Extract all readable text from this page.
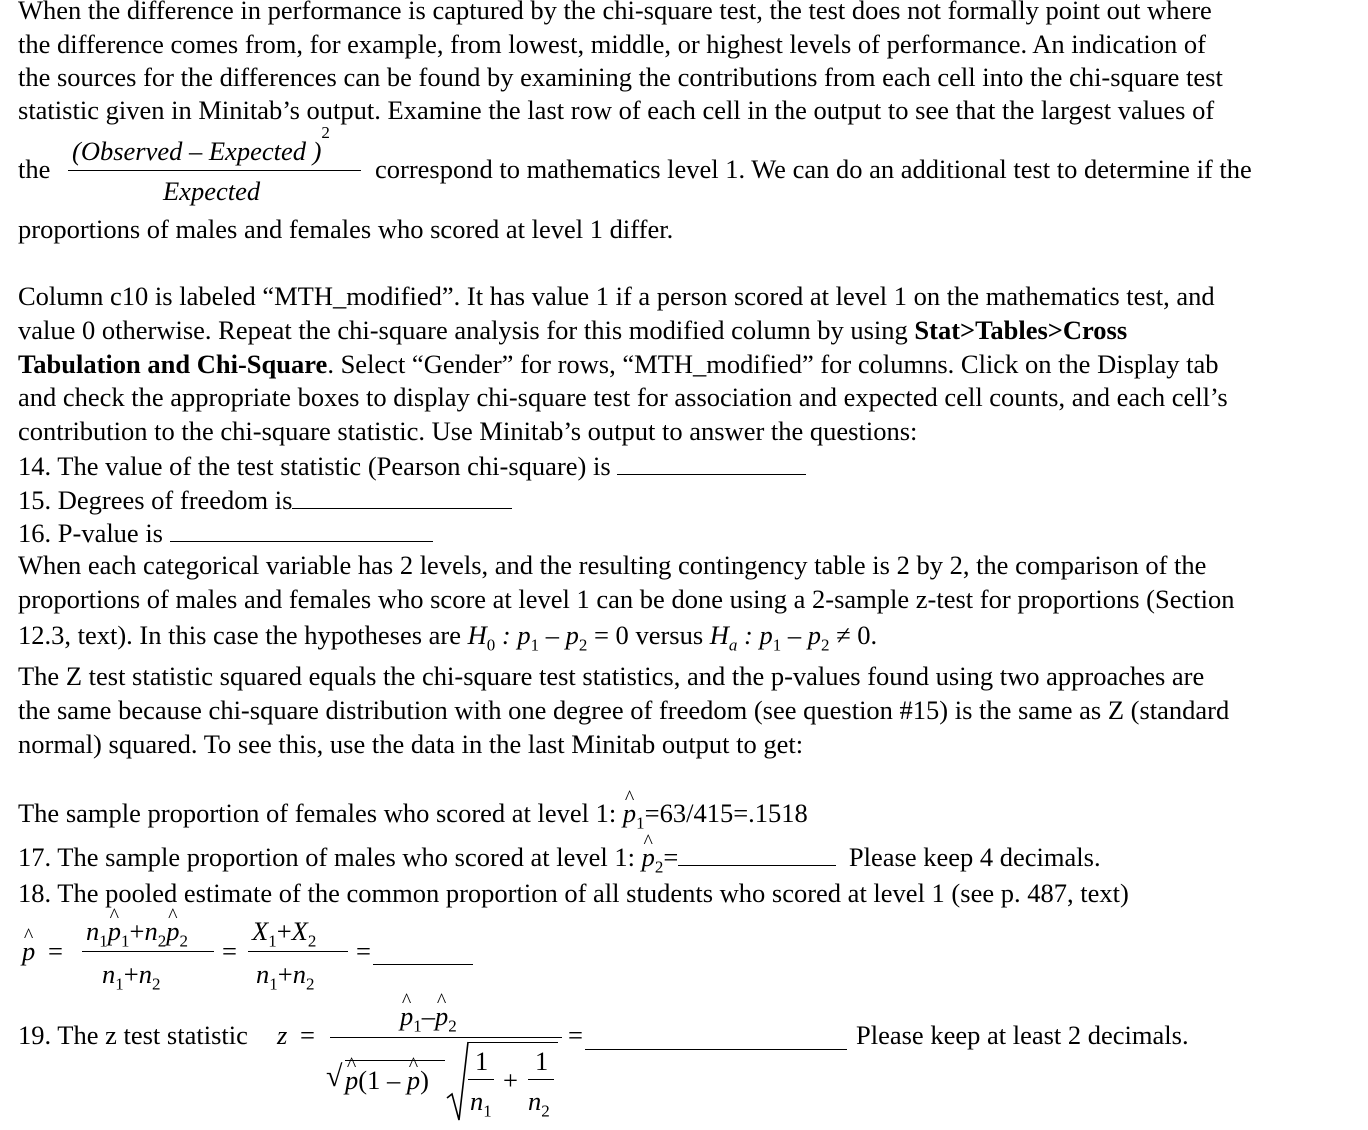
When the difference in performance is captured by the chi-square test, the test does not formally point out where
the difference comes from, for example, from lowest, middle, or highest levels of performance. An indication of
the sources for the differences can be found by examining the contributions from each cell into the chi-square test
statistic given in Minitab’s output. Examine the last row of each cell in the output to see that the largest values of
the
(Observed – Expected )$^2$
Expected
correspond to mathematics level 1. We can do an additional test to determine if the
proportions of males and females who scored at level 1 differ.
Column c10 is labeled “MTH_modified”. It has value 1 if a person scored at level 1 on the mathematics test, and
value 0 otherwise. Repeat the chi-square analysis for this modified column by using Stat>Tables>Cross
Tabulation and Chi-Square. Select “Gender” for rows, “MTH_modified” for columns. Click on the Display tab
and check the appropriate boxes to display chi-square test for association and expected cell counts, and each cell’s
contribution to the chi-square statistic. Use Minitab’s output to answer the questions:
14. The value of the test statistic (Pearson chi-square) is
15. Degrees of freedom is
16. P-value is
When each categorical variable has 2 levels, and the resulting contingency table is 2 by 2, the comparison of the
proportions of males and females who score at level 1 can be done using a 2-sample z-test for proportions (Section
12.3, text). In this case the hypotheses are $H_0$ : $p_1 - p_2 = 0$ versus $H_a$ : $p_1 - p_2 \ne 0$.
The Z test statistic squared equals the chi-square test statistics, and the p-values found using two approaches are
the same because chi-square distribution with one degree of freedom (see question #15) is the same as Z (standard
normal) squared. To see this, use the data in the last Minitab output to get:
The sample proportion of females who scored at level 1: ^ $p_1=63/415=.1518$
17. The sample proportion of males who scored at level 1: ^ $p_2=$	Please keep 4 decimals.
18. The pooled estimate of the common proportion of all students who scored at level 1 (see p. 487, text)
^ p =
$n_1\^{}$ $p_1+n_2\^{}$ $p_2$
$n_1+n_2$
=
$X_1+X_2$
$n_1+n_2$
=
19. The z test statistic z =
^ $p_1-\^{}$ $p_2$
√ ^ p(1 – ^ p)
1
$n_1$
+
1
$n_2$
=	Please keep at least 2 decimals.
